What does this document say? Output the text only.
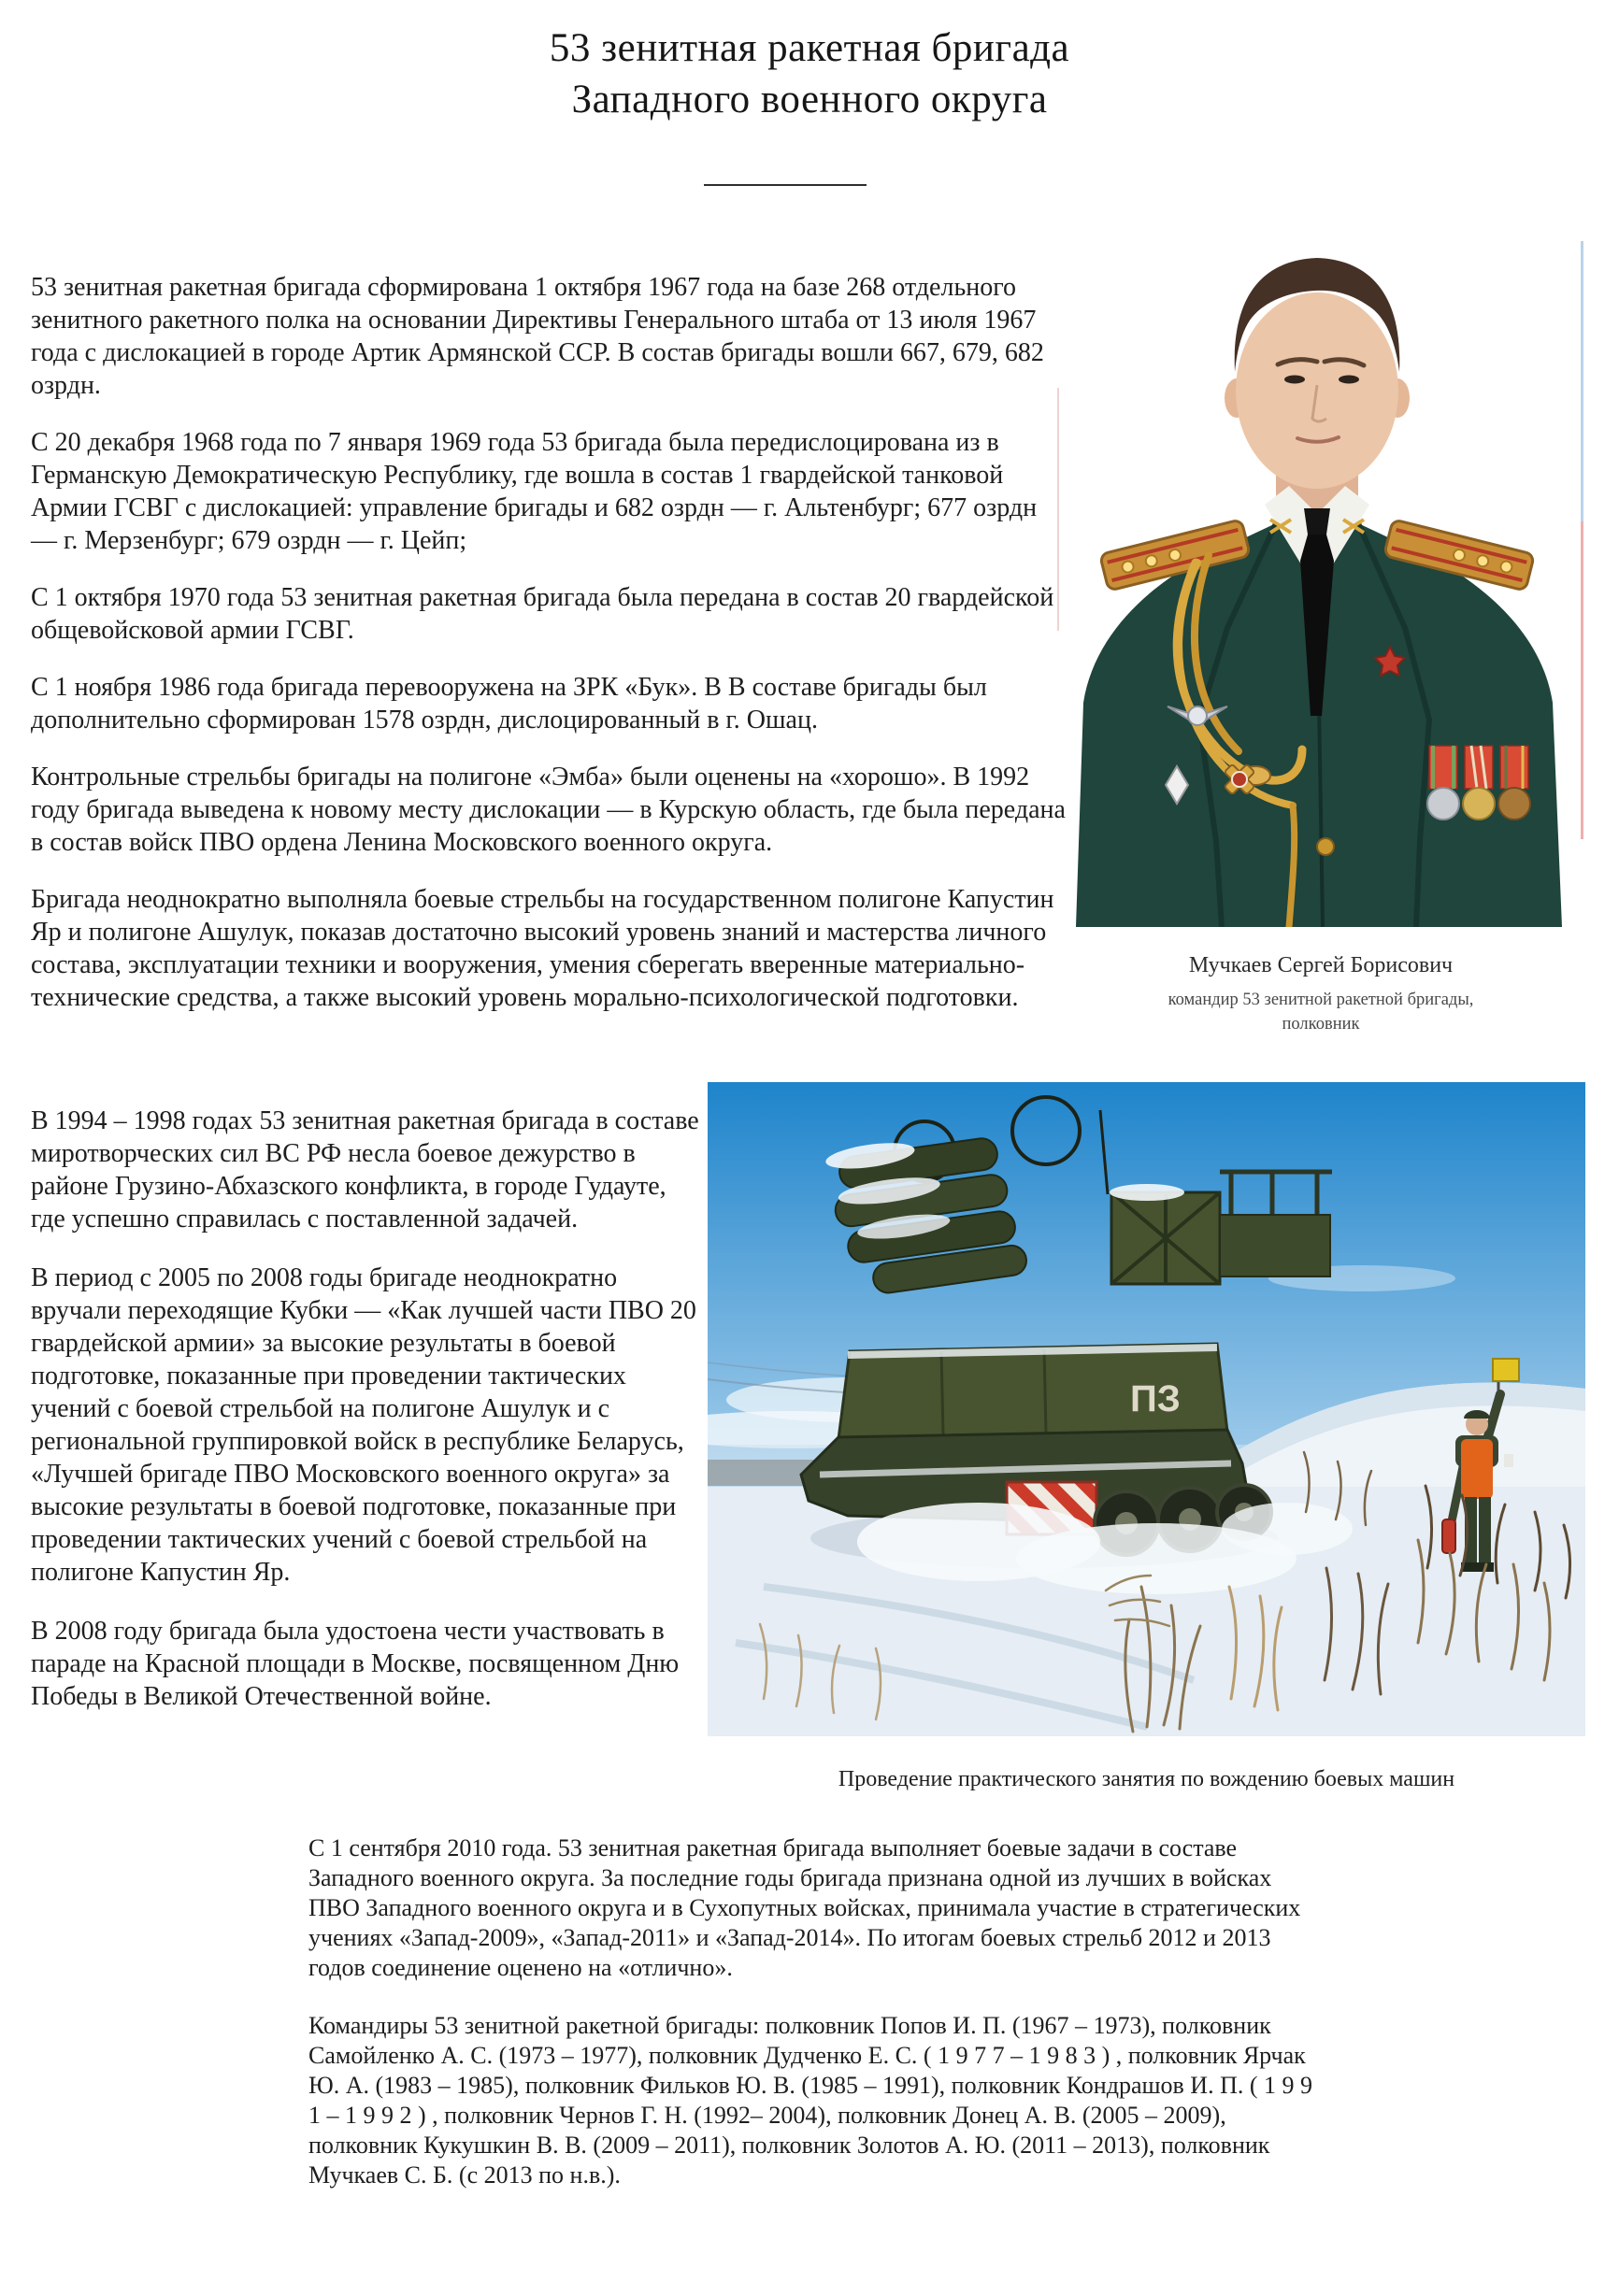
53 зенитная ракетная бригада
Западного военного округа
Мучкаев Сергей Борисович
командир 53 зенитной ракетной бригады,
полковник

53 зенитная ракетная бригада сформирована 1 октября 1967 года на базе 268 отдельного зенитного ракетного полка на основании Директивы Генерального штаба от 13 июля 1967 года с дислокацией в городе Артик Армянской ССР. В состав бригады вошли 667, 679, 682 озрдн.

С 20 декабря 1968 года по 7 января 1969 года 53 бригада была передислоцирована из в Германскую Демократическую Республику, где вошла в состав 1 гвардейской танковой Армии ГСВГ с дислокацией: управление бригады и 682 озрдн — г. Альтенбург; 677 озрдн — г. Мерзенбург; 679 озрдн — г. Цейп;

С 1 октября 1970 года 53 зенитная ракетная бригада была передана в состав 20 гвардейской общевойсковой армии ГСВГ.

С 1 ноября 1986 года бригада перевооружена на ЗРК «Бук». В В составе бригады был дополнительно сформирован 1578 озрдн, дислоцированный в г. Ошац.

Контрольные стрельбы бригады на полигоне «Эмба» были оценены на «хорошо». В 1992 году бригада выведена к новому месту дислокации — в Курскую область, где была передана в состав войск ПВО ордена Ленина Московского военного округа.

Бригада неоднократно выполняла боевые стрельбы на государственном полигоне Капустин Яр и полигоне Ашулук, показав достаточно высокий уровень знаний и мастерства личного состава, эксплуатации техники и вооружения, умения сберегать вверенные материально-технические средства, а также высокий уровень морально-психологической подготовки.

В 1994 – 1998 годах 53 зенитная ракетная бригада в составе миротворческих сил ВС РФ несла боевое дежурство в районе Грузино-Абхазского конфликта, в городе Гудауте, где успешно справилась с поставленной задачей.

В период с 2005 по 2008 годы бригаде неоднократно вручали переходящие Кубки — «Как лучшей части ПВО 20 гвардейской армии» за высокие результаты в боевой подготовке, показанные при проведении тактических учений с боевой стрельбой на полигоне Ашулук и с региональной группировкой войск в республике Беларусь, «Лучшей бригаде ПВО Московского военного округа» за высокие результаты в боевой подготовке, показанные при проведении тактических учений с боевой стрельбой на полигоне Капустин Яр.

В 2008 году бригада была удостоена чести участвовать в параде на Красной площади в Москве, посвященном Дню Победы в Великой Отечественной войне.

ПЗ
Проведение практического занятия по вождению боевых машин

С 1 сентября 2010 года. 53 зенитная ракетная бригада выполняет боевые задачи в составе Западного военного округа. За последние годы бригада признана одной из лучших в войсках ПВО Западного военного округа и в Сухопутных войсках, принимала участие в стратегических учениях «Запад-2009», «Запад-2011» и «Запад-2014». По итогам боевых стрельб 2012 и 2013 годов соединение оценено на «отлично».

Командиры 53 зенитной ракетной бригады: полковник Попов И. П. (1967 – 1973), полковник Самойленко А. С. (1973 – 1977), полковник Дудченко Е. С. ( 1 9 7 7 – 1 9 8 3 ) , полковник Ярчак Ю. А. (1983 – 1985), полковник Фильков Ю. В. (1985 – 1991), полковник Кондрашов И. П. ( 1 9 9 1 – 1 9 9 2 ) , полковник Чернов Г. Н. (1992– 2004), полковник Донец А. В. (2005 – 2009), полковник Кукушкин В. В. (2009 – 2011), полковник Золотов А. Ю. (2011 – 2013), полковник Мучкаев С. Б. (с 2013 по н.в.).
